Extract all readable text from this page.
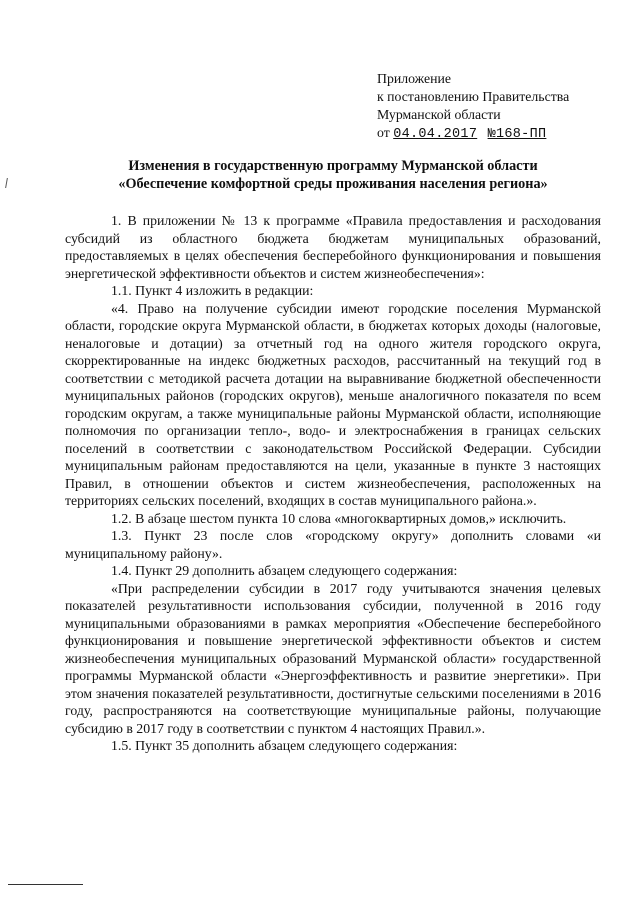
Приложение
к постановлению Правительства
Мурманской области
от 04.04.2017 №168-ПП
Изменения в государственную программу Мурманской области
«Обеспечение комфортной среды проживания населения региона»

1. В приложении № 13 к программе «Правила предоставления и расходования субсидий из областного бюджета бюджетам муниципальных образований, предоставляемых в целях обеспечения бесперебойного функционирования и повышения энергетической эффективности объектов и систем жизнеобеспечения»:

1.1. Пункт 4 изложить в редакции:

«4. Право на получение субсидии имеют городские поселения Мурманской области, городские округа Мурманской области, в бюджетах которых доходы (налоговые, неналоговые и дотации) за отчетный год на одного жителя городского округа, скорректированные на индекс бюджетных расходов, рассчитанный на текущий год в соответствии с методикой расчета дотации на выравнивание бюджетной обеспеченности муниципальных районов (городских округов), меньше аналогичного показателя по всем городским округам, а также муниципальные районы Мурманской области, исполняющие полномочия по организации тепло-, водо- и электроснабжения в границах сельских поселений в соответствии с законодательством Российской Федерации. Субсидии муниципальным районам предоставляются на цели, указанные в пункте 3 настоящих Правил, в отношении объектов и систем жизнеобеспечения, расположенных на территориях сельских поселений, входящих в состав муниципального района.».

1.2. В абзаце шестом пункта 10 слова «многоквартирных домов,» исключить.

1.3. Пункт 23 после слов «городскому округу» дополнить словами «и муниципальному району».

1.4. Пункт 29 дополнить абзацем следующего содержания:

«При распределении субсидии в 2017 году учитываются значения целевых показателей результативности использования субсидии, полученной в 2016 году муниципальными образованиями в рамках мероприятия «Обеспечение бесперебойного функционирования и повышение энергетической эффективности объектов и систем жизнеобеспечения муниципальных образований Мурманской области» государственной программы Мурманской области «Энергоэффективность и развитие энергетики». При этом значения показателей результативности, достигнутые сельскими поселениями в 2016 году, распространяются на соответствующие муниципальные районы, получающие субсидию в 2017 году в соответствии с пунктом 4 настоящих Правил.».

1.5. Пункт 35 дополнить абзацем следующего содержания:
